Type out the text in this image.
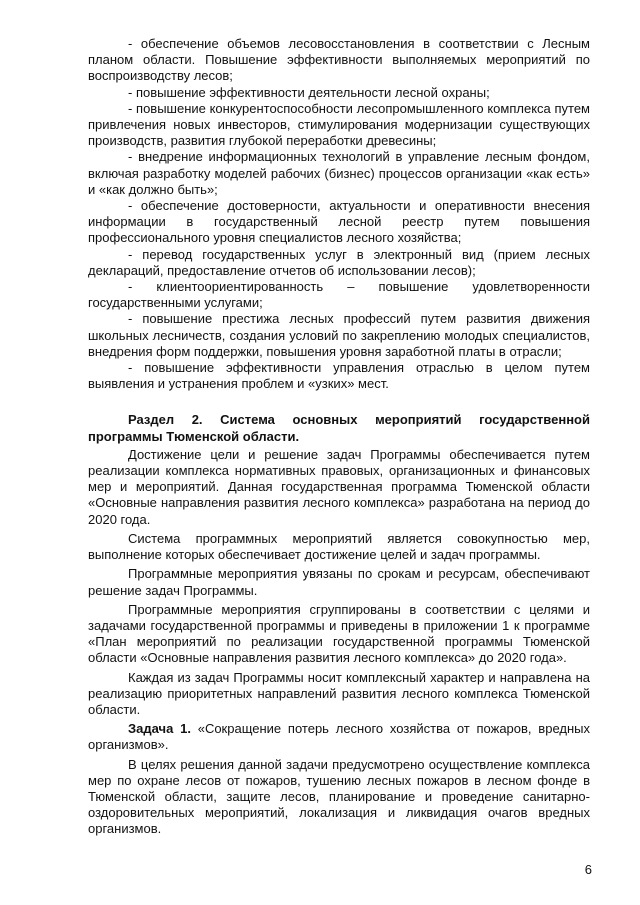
- обеспечение объемов лесовосстановления в соответствии с Лесным планом области. Повышение эффективности выполняемых мероприятий по воспроизводству лесов;

- повышение эффективности деятельности лесной охраны;

- повышение конкурентоспособности лесопромышленного комплекса путем привлечения новых инвесторов, стимулирования модернизации существующих производств, развития глубокой переработки древесины;

- внедрение информационных технологий в управление лесным фондом, включая разработку моделей рабочих (бизнес) процессов организации «как есть» и «как должно быть»;

- обеспечение достоверности, актуальности и оперативности внесения информации в государственный лесной реестр путем повышения профессионального уровня специалистов лесного хозяйства;

- перевод государственных услуг в электронный вид (прием лесных деклараций, предоставление отчетов об использовании лесов);

- клиентоориентированность – повышение удовлетворенности государственными услугами;

- повышение престижа лесных профессий путем развития движения школьных лесничеств, создания условий по закреплению молодых специалистов, внедрения форм поддержки, повышения уровня заработной платы в отрасли;

- повышение эффективности управления отраслью в целом путем выявления и устранения проблем и «узких» мест.

Раздел 2. Система основных мероприятий государственной программы Тюменской области.

Достижение цели и решение задач Программы обеспечивается путем реализации комплекса нормативных правовых, организационных и финансовых мер и мероприятий. Данная государственная программа Тюменской области «Основные направления развития лесного комплекса» разработана на период до 2020 года.

Система программных мероприятий является совокупностью мер, выполнение которых обеспечивает достижение целей и задач программы.

Программные мероприятия увязаны по срокам и ресурсам, обеспечивают решение задач Программы.

Программные мероприятия сгруппированы в соответствии с целями и задачами государственной программы и приведены в приложении 1 к программе «План мероприятий по реализации государственной программы Тюменской области «Основные направления развития лесного комплекса» до 2020 года».

Каждая из задач Программы носит комплексный характер и направлена на реализацию приоритетных направлений развития лесного комплекса Тюменской области.

Задача 1. «Сокращение потерь лесного хозяйства от пожаров, вредных организмов».

В целях решения данной задачи предусмотрено осуществление комплекса мер по охране лесов от пожаров, тушению лесных пожаров в лесном фонде в Тюменской области, защите лесов, планирование и проведение санитарно-оздоровительных мероприятий, локализация и ликвидация очагов вредных организмов.

6
